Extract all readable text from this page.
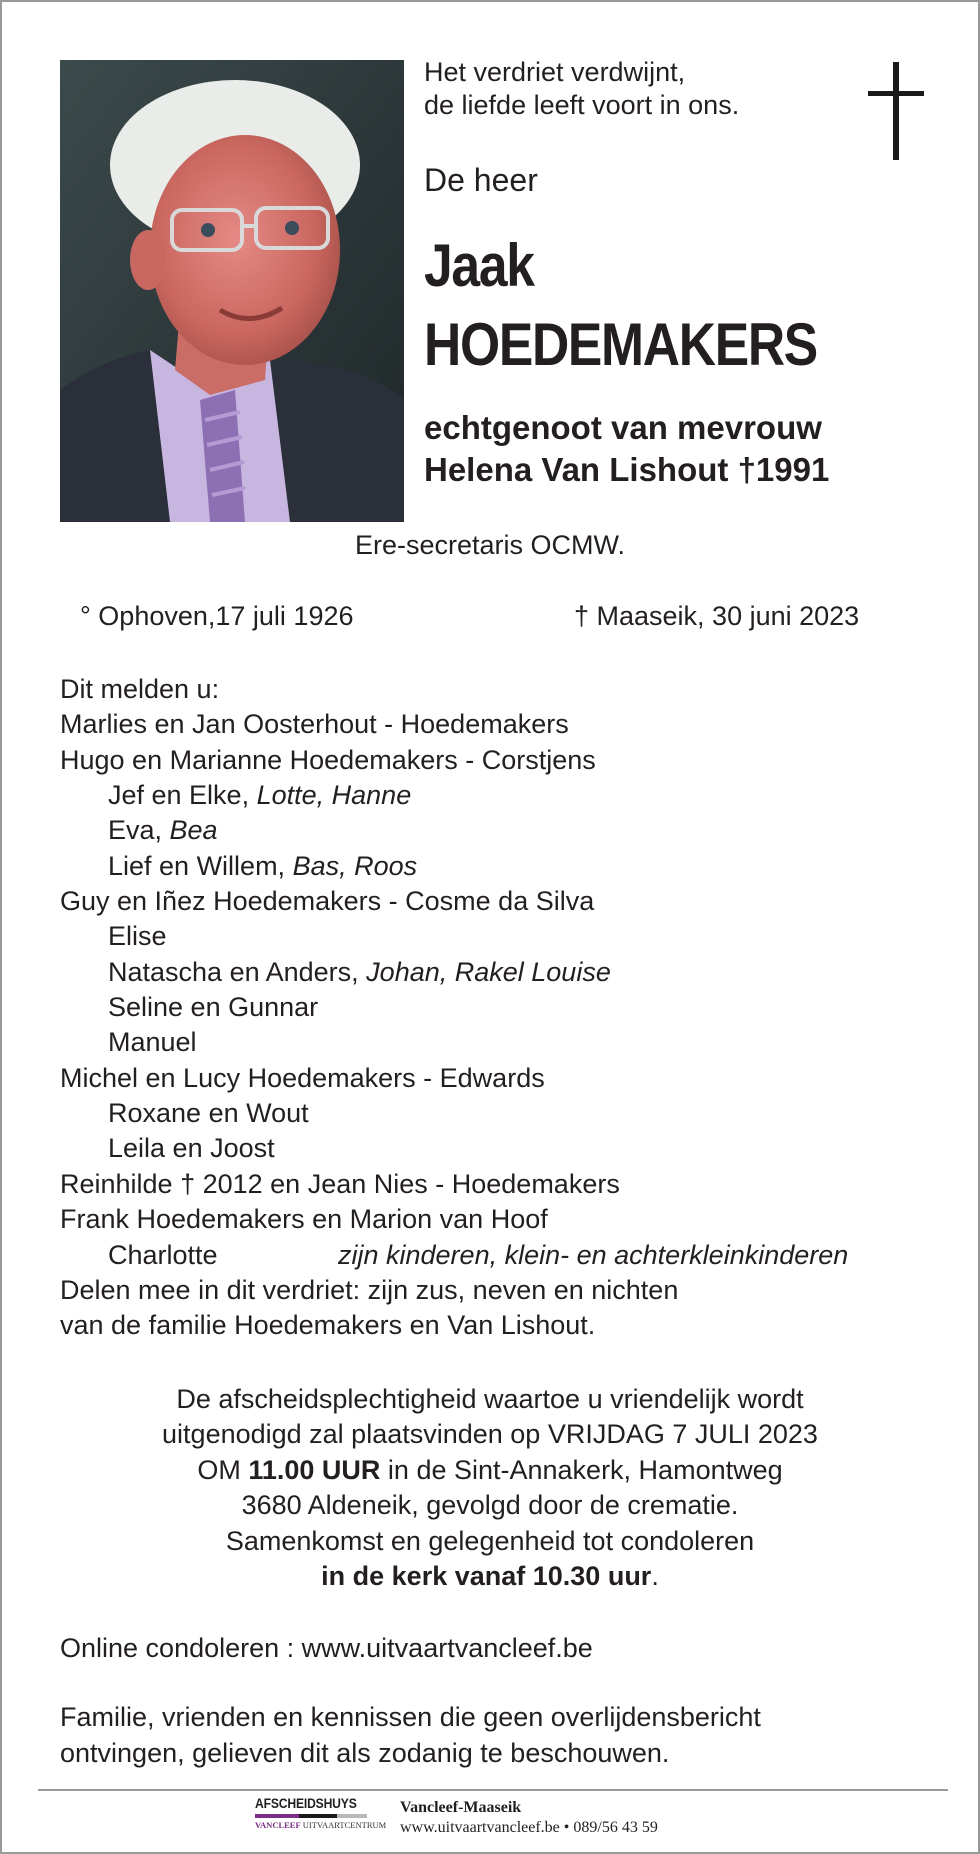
Het verdriet verdwijnt,
de liefde leeft voort in ons.
De heer
Jaak
HOEDEMAKERS
echtgenoot van mevrouw
Helena Van Lishout †1991
Ere-secretaris OCMW.
° Ophoven,17 juli 1926	† Maaseik, 30 juni 2023
Dit melden u:
Marlies en Jan Oosterhout - Hoedemakers
Hugo en Marianne Hoedemakers - Corstjens
Jef en Elke, Lotte, Hanne
Eva, Bea
Lief en Willem, Bas, Roos
Guy en Iñez Hoedemakers - Cosme da Silva
Elise
Natascha en Anders, Johan, Rakel Louise
Seline en Gunnar
Manuel
Michel en Lucy Hoedemakers - Edwards
Roxane en Wout
Leila en Joost
Reinhilde † 2012 en Jean Nies - Hoedemakers
Frank Hoedemakers en Marion van Hoof
Charlotte	zijn kinderen, klein- en achterkleinkinderen
Delen mee in dit verdriet: zijn zus, neven en nichten
van de familie Hoedemakers en Van Lishout.
De afscheidsplechtigheid waartoe u vriendelijk wordt
uitgenodigd zal plaatsvinden op VRIJDAG 7 JULI 2023
OM 11.00 UUR in de Sint-Annakerk, Hamontweg
3680 Aldeneik, gevolgd door de crematie.
Samenkomst en gelegenheid tot condoleren
in de kerk vanaf 10.30 uur.
Online condoleren : www.uitvaartvancleef.be
Familie, vrienden en kennissen die geen overlijdensbericht
ontvingen, gelieven dit als zodanig te beschouwen.
AFSCHEIDSHUYS
VANCLEEF UITVAARTCENTRUM
Vancleef-Maaseik
www.uitvaartvancleef.be • 089/56 43 59
